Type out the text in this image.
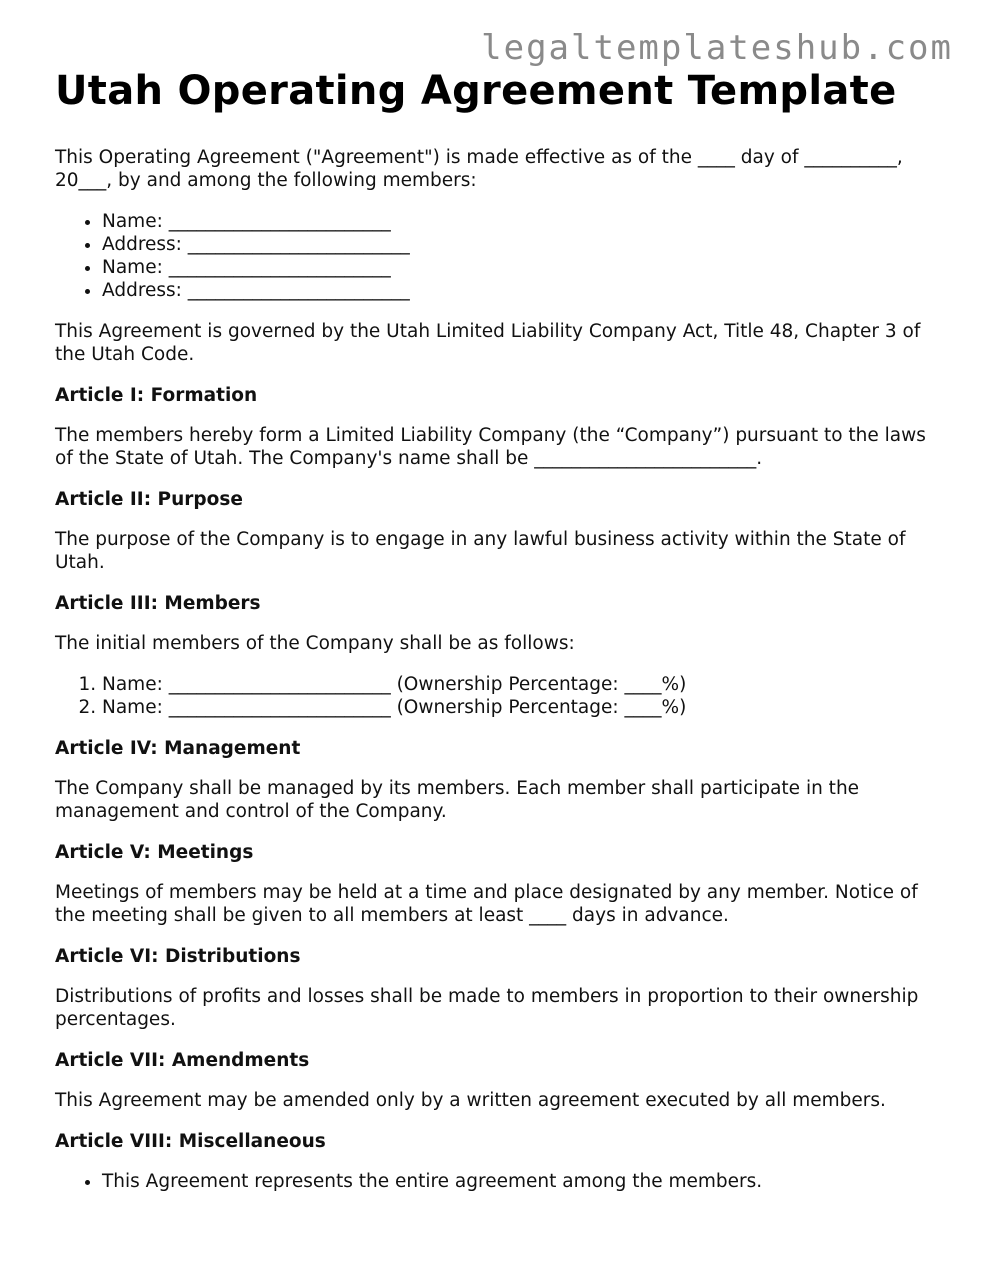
legaltemplateshub.com
Utah Operating Agreement Template

This Operating Agreement ("Agreement") is made effective as of the ____ day of __________, 20___, by and among the following members:

• Name: ________________________
• Address: ________________________
• Name: ________________________
• Address: ________________________

This Agreement is governed by the Utah Limited Liability Company Act, Title 48, Chapter 3 of the Utah Code.

Article I: Formation

The members hereby form a Limited Liability Company (the “Company”) pursuant to the laws of the State of Utah. The Company's name shall be ________________________.

Article II: Purpose

The purpose of the Company is to engage in any lawful business activity within the State of Utah.

Article III: Members

The initial members of the Company shall be as follows:

1. Name: ________________________ (Ownership Percentage: ____%)
2. Name: ________________________ (Ownership Percentage: ____%)
Article IV: Management

The Company shall be managed by its members. Each member shall participate in the management and control of the Company.

Article V: Meetings

Meetings of members may be held at a time and place designated by any member. Notice of the meeting shall be given to all members at least ____ days in advance.

Article VI: Distributions

Distributions of profits and losses shall be made to members in proportion to their ownership percentages.

Article VII: Amendments

This Agreement may be amended only by a written agreement executed by all members.

Article VIII: Miscellaneous
• This Agreement represents the entire agreement among the members.
